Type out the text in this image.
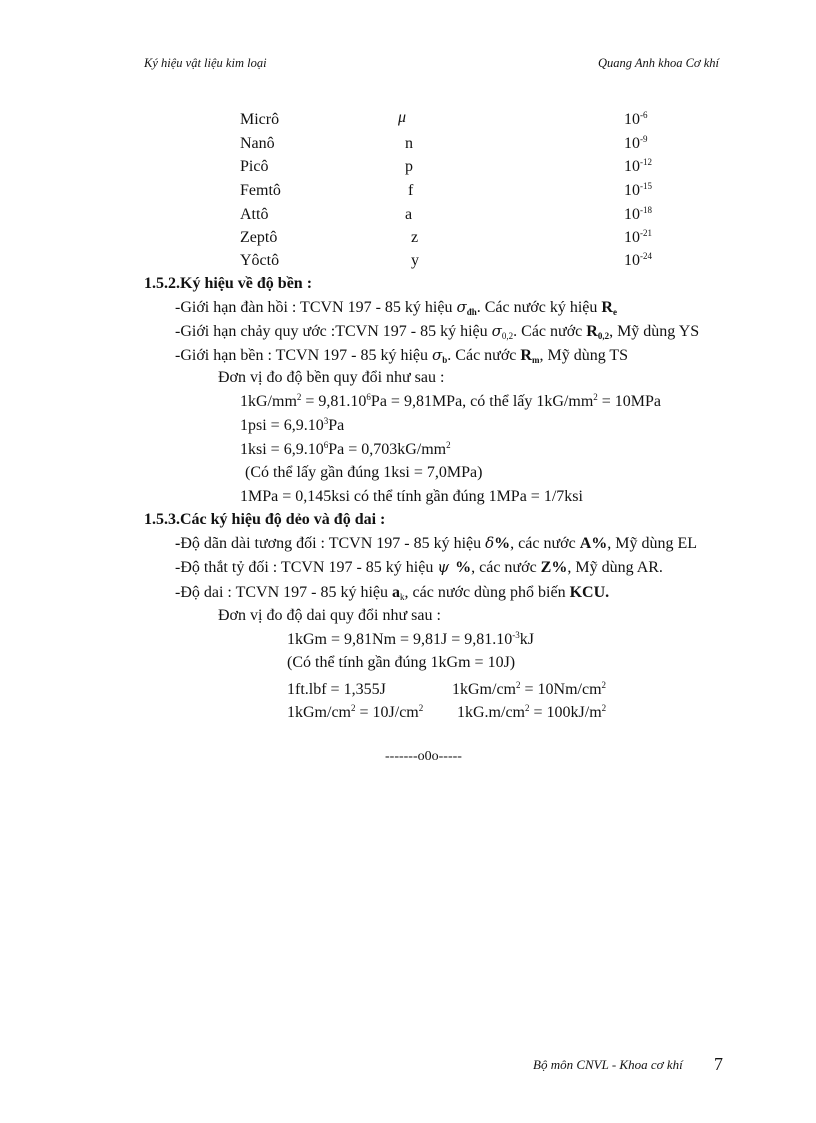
Ký hiệu vật liệu kim loại	Quang Anh khoa Cơ khí
Micrô	μ	$10^{-6}$
Nanô	n	$10^{-9}$
Picô	p	$10^{-12}$
Femtô	f	$10^{-15}$
Attô	a	$10^{-18}$
Zeptô	z	$10^{-21}$
Yôctô	y	$10^{-24}$
1.5.2.Ký hiệu về độ bền :
-Giới hạn đàn hồi : TCVN 197 - 85 ký hiệu $\sigma_{đh}$. Các nước ký hiệu $R_e$
-Giới hạn chảy quy ước :TCVN 197 - 85 ký hiệu $\sigma_{0,2}$. Các nước $R_{0,2}$, Mỹ dùng YS
-Giới hạn bền : TCVN 197 - 85 ký hiệu $\sigma_b$. Các nước $R_m$, Mỹ dùng TS
Đơn vị đo độ bền quy đổi như sau :
$1kG/mm^2 = 9,81.10^6Pa = 9,81MPa$, có thể lấy $1kG/mm^2 = 10MPa$
$1psi = 6,9.10^3Pa$
$1ksi = 6,9.10^6Pa = 0,703kG/mm^2$
(Có thể lấy gần đúng 1ksi = 7,0MPa)
1MPa = 0,145ksi có thể tính gần đúng 1MPa = 1/7ksi
1.5.3.Các ký hiệu độ dẻo và độ dai :
-Độ dãn dài tương đối : TCVN 197 - 85 ký hiệu δ%, các nước A%, Mỹ dùng EL
-Độ thắt tỷ đối : TCVN 197 - 85 ký hiệu ψ %, các nước Z%, Mỹ dùng AR.
-Độ dai : TCVN 197 - 85 ký hiệu $a_k$, các nước dùng phổ biến KCU.
Đơn vị đo độ dai quy đổi như sau :
$1kGm = 9,81Nm = 9,81J = 9,81.10^{-3}kJ$
(Có thể tính gần đúng 1kGm = 10J)
1ft.lbf = 1,355J	$1kGm/cm^2 = 10Nm/cm^2$
$1kGm/cm^2 = 10J/cm^2$ $1kG.m/cm^2 = 100kJ/m^2$
-------o0o-----
Bộ môn CNVL - Khoa cơ khí 7
